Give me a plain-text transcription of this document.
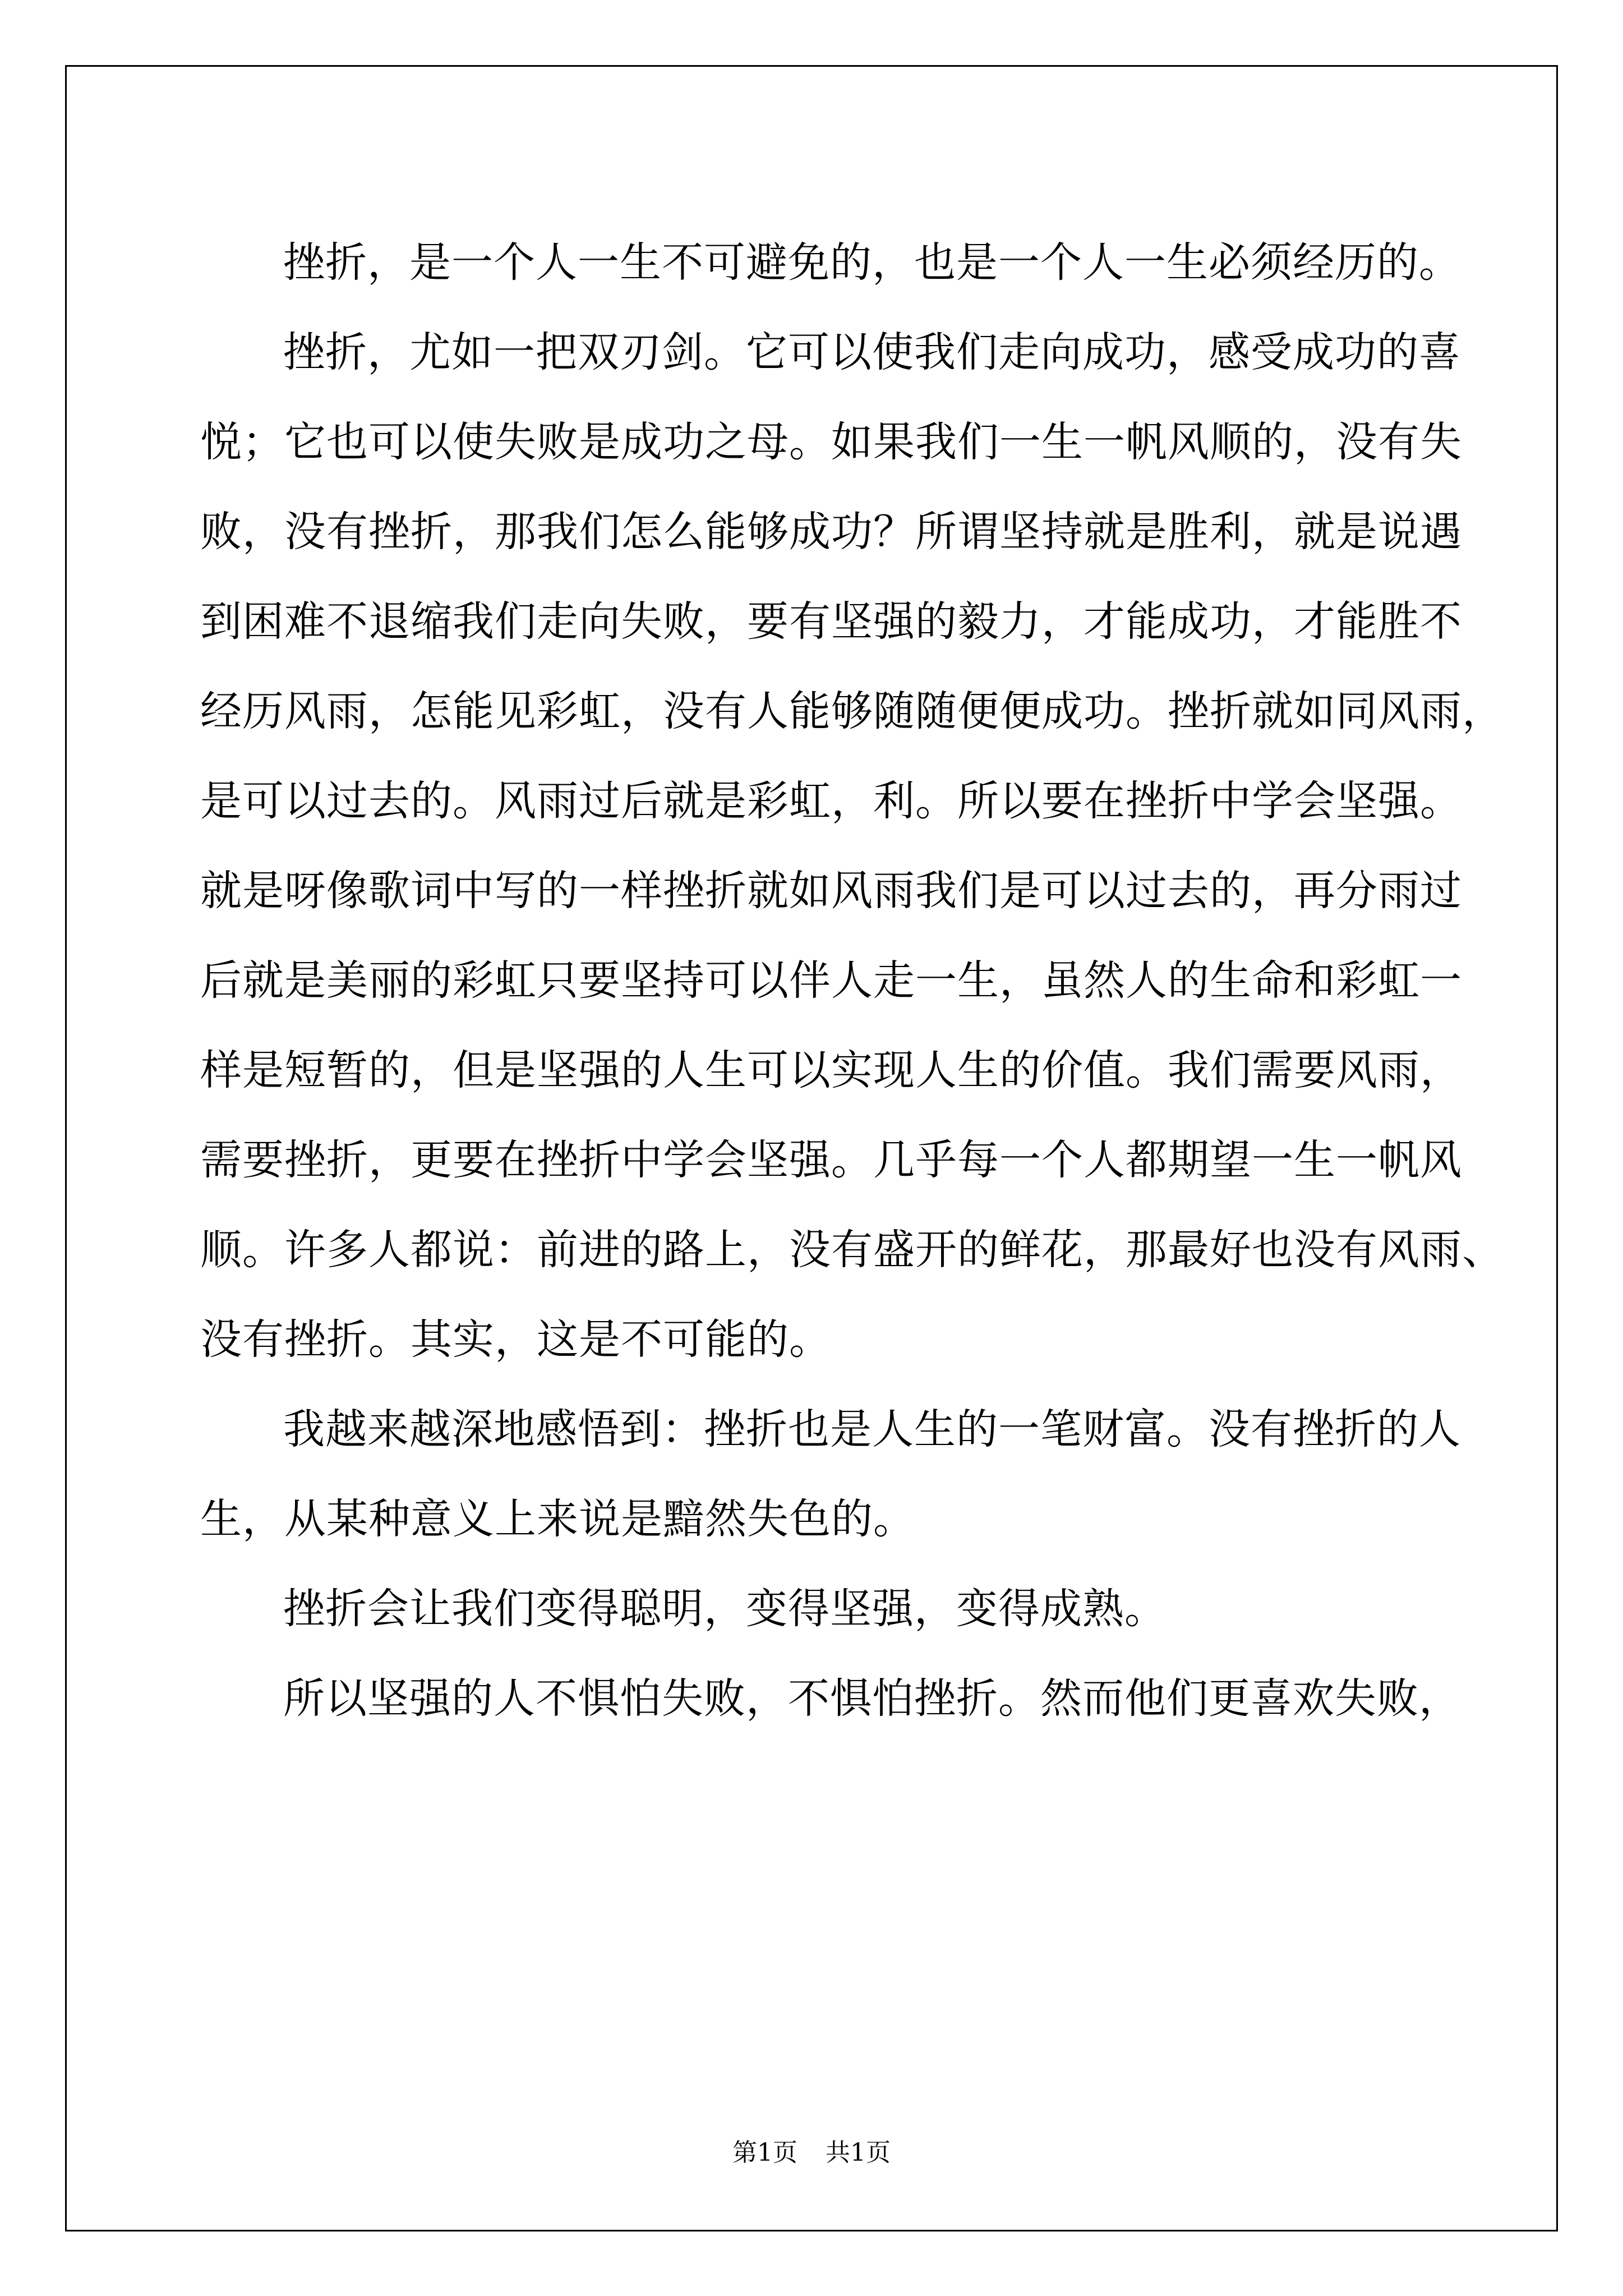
挫折，是一个人一生不可避免的，也是一个人一生必须经历的。
挫折，尤如一把双刃剑。它可以使我们走向成功，感受成功的喜
悦；它也可以使失败是成功之母。如果我们一生一帆风顺的，没有失
败，没有挫折，那我们怎么能够成功？所谓坚持就是胜利，就是说遇
到困难不退缩我们走向失败，要有坚强的毅力，才能成功，才能胜不
经历风雨，怎能见彩虹，没有人能够随随便便成功。挫折就如同风雨，
是可以过去的。风雨过后就是彩虹，利。所以要在挫折中学会坚强。
就是呀像歌词中写的一样挫折就如风雨我们是可以过去的，再分雨过
后就是美丽的彩虹只要坚持可以伴人走一生，虽然人的生命和彩虹一
样是短暂的，但是坚强的人生可以实现人生的价值。我们需要风雨，
需要挫折，更要在挫折中学会坚强。几乎每一个人都期望一生一帆风
顺。许多人都说：前进的路上，没有盛开的鲜花，那最好也没有风雨、
没有挫折。其实，这是不可能的。
我越来越深地感悟到：挫折也是人生的一笔财富。没有挫折的人
生，从某种意义上来说是黯然失色的。
挫折会让我们变得聪明，变得坚强，变得成熟。
所以坚强的人不惧怕失败，不惧怕挫折。然而他们更喜欢失败，
第1页 共1页
